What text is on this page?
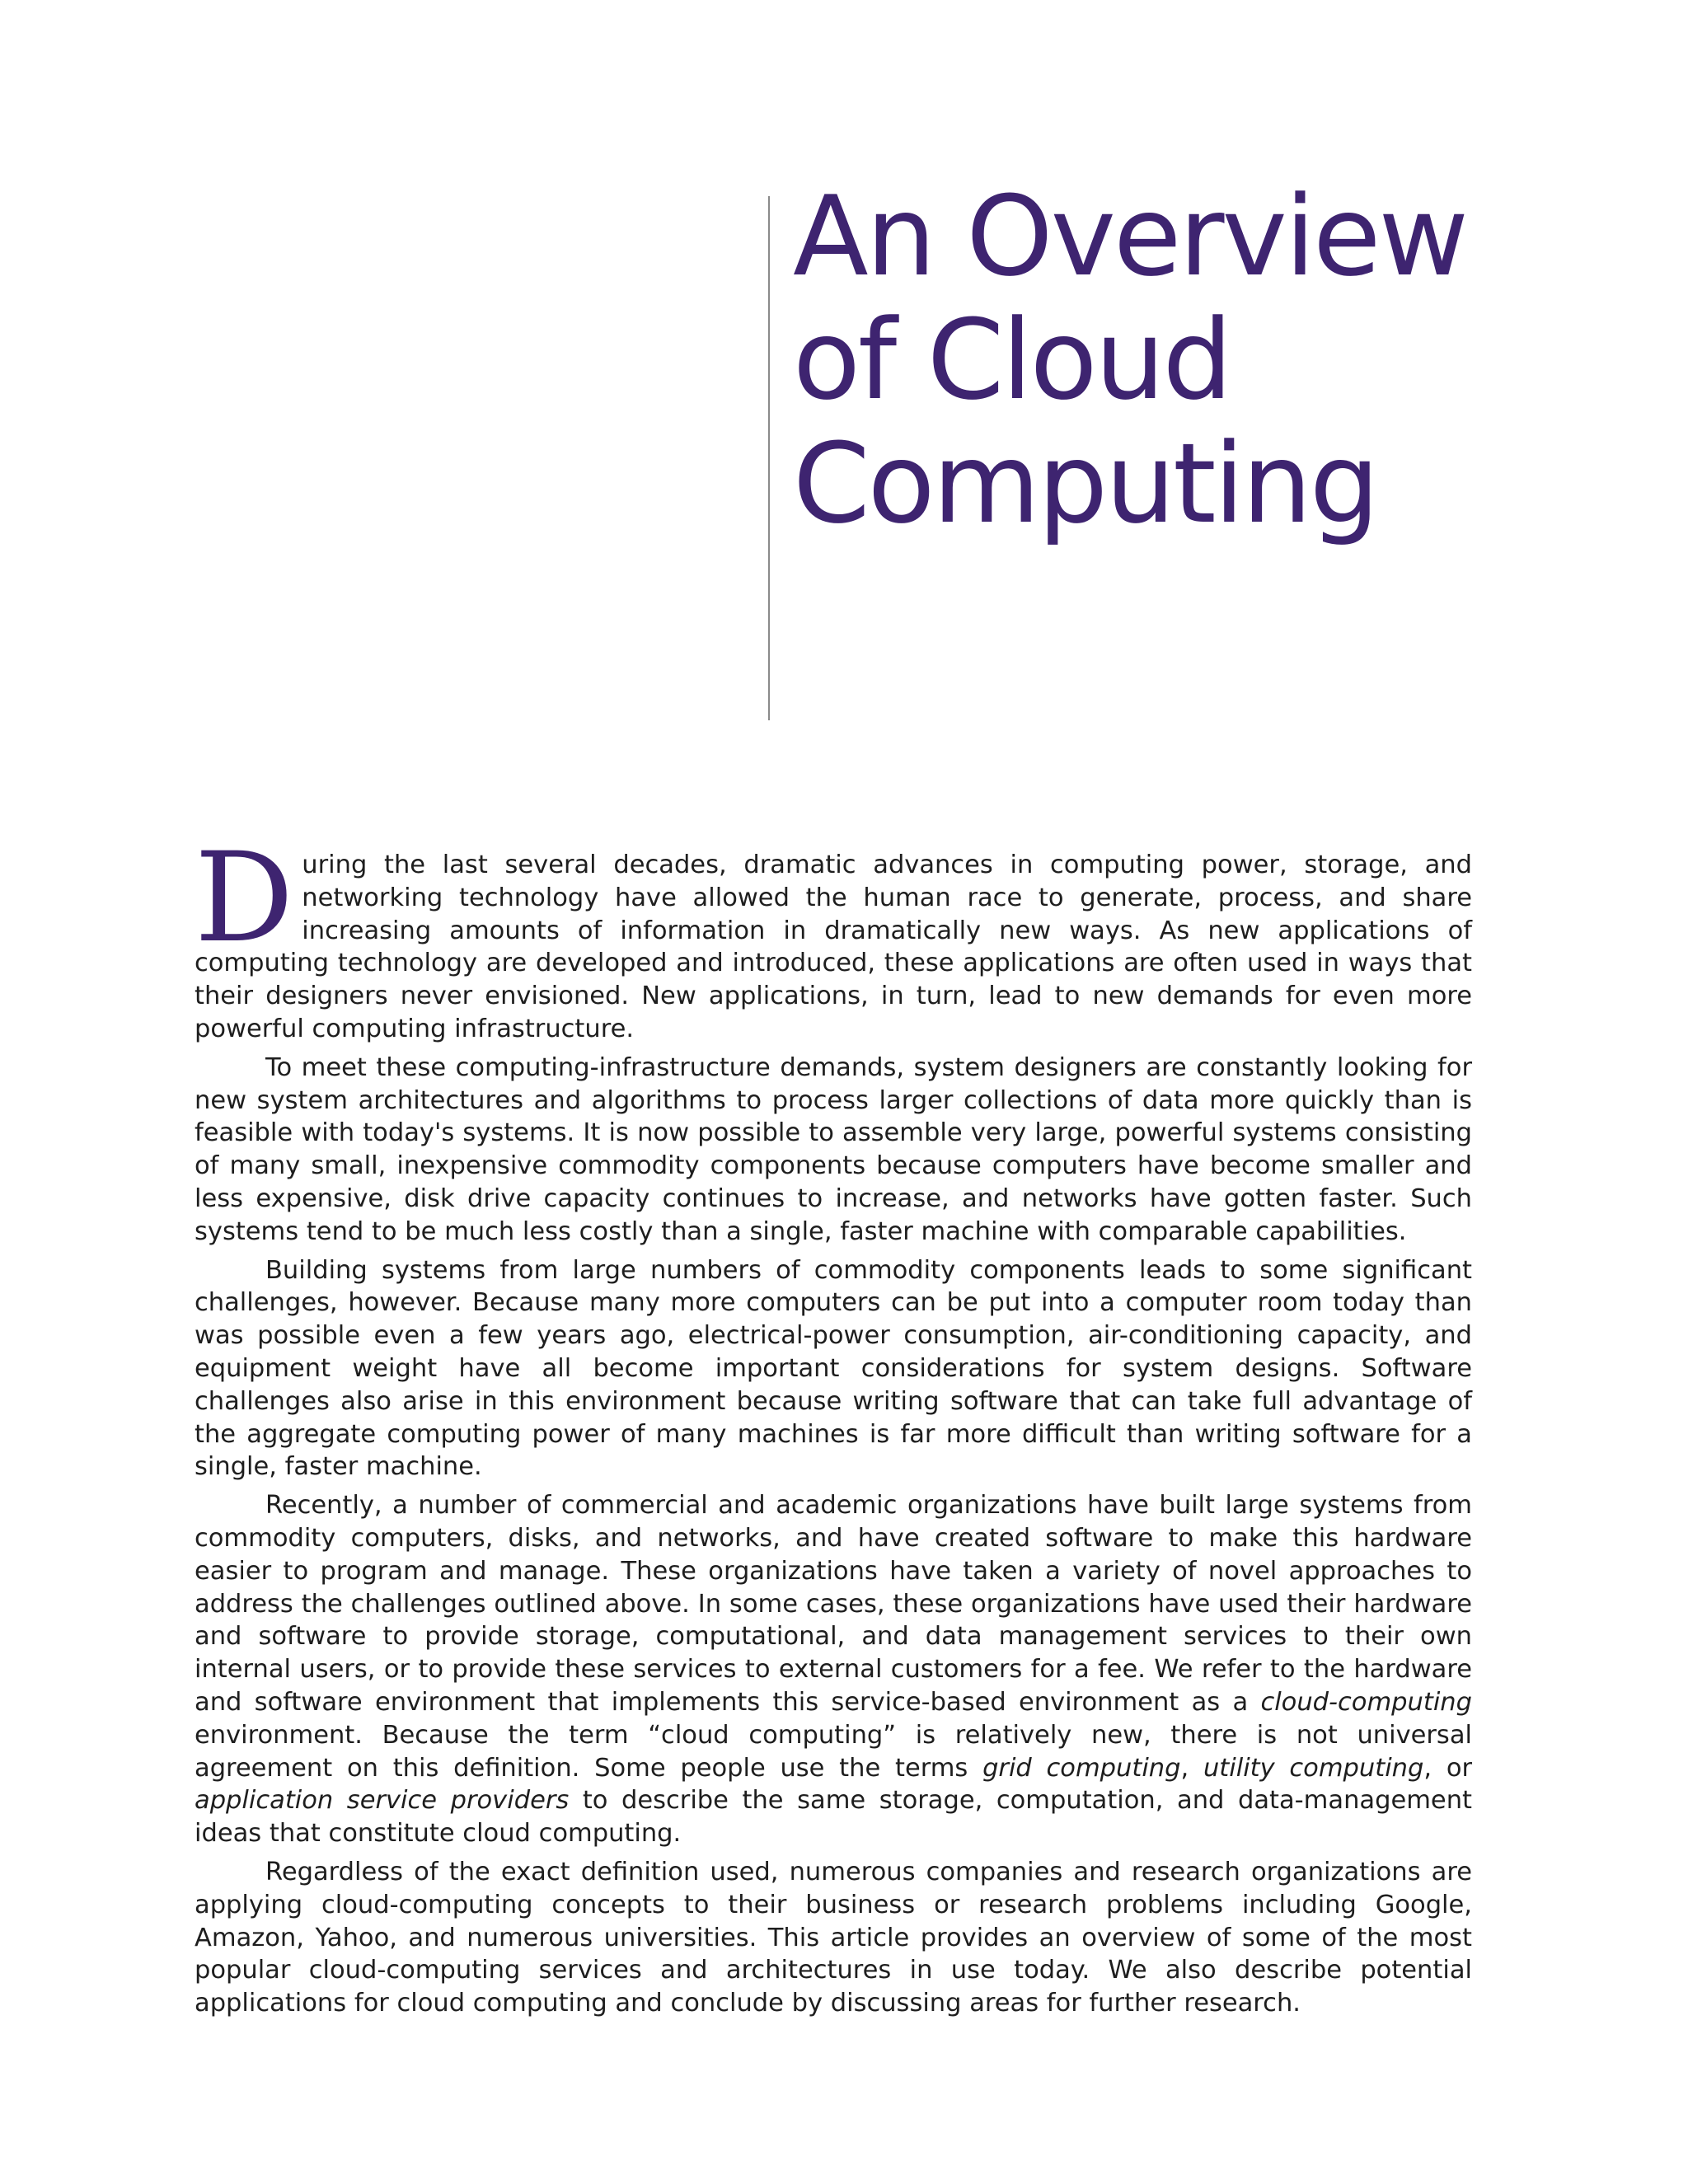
An Overview
of Cloud
Computing

During the last several decades, dramatic advances in computing power, storage, and networking technology have allowed the human race to generate, process, and share increasing amounts of information in dramatically new ways. As new applications of computing technology are developed and introduced, these applications are often used in ways that their designers never envisioned. New applications, in turn, lead to new demands for even more powerful computing infrastructure.

To meet these computing-infrastructure demands, system designers are constantly looking for new system architectures and algorithms to process larger collections of data more quickly than is feasible with today's systems. It is now possible to assemble very large, powerful systems consisting of many small, inexpensive commodity components because computers have become smaller and less expensive, disk drive capacity continues to increase, and networks have gotten faster. Such systems tend to be much less costly than a single, faster machine with comparable capabilities.

Building systems from large numbers of commodity components leads to some significant challenges, however. Because many more computers can be put into a computer room today than was possible even a few years ago, electrical-power consumption, air-conditioning capacity, and equipment weight have all become important considerations for system designs. Software challenges also arise in this environment because writing software that can take full advantage of the aggregate computing power of many machines is far more difficult than writing software for a single, faster machine.

Recently, a number of commercial and academic organizations have built large systems from commodity computers, disks, and networks, and have created software to make this hardware easier to program and manage. These organizations have taken a variety of novel approaches to address the challenges outlined above. In some cases, these organizations have used their hardware and software to provide storage, computational, and data management services to their own internal users, or to provide these services to external customers for a fee. We refer to the hardware and software environment that implements this service-based environment as a cloud-computing environment. Because the term “cloud computing” is relatively new, there is not universal agreement on this definition. Some people use the terms grid computing, utility computing, or application service providers to describe the same storage, computation, and data-management ideas that constitute cloud computing.

Regardless of the exact definition used, numerous companies and research organizations are applying cloud-computing concepts to their business or research problems including Google, Amazon, Yahoo, and numerous universities. This article provides an overview of some of the most popular cloud-computing services and architectures in use today. We also describe potential applications for cloud computing and conclude by discussing areas for further research.
